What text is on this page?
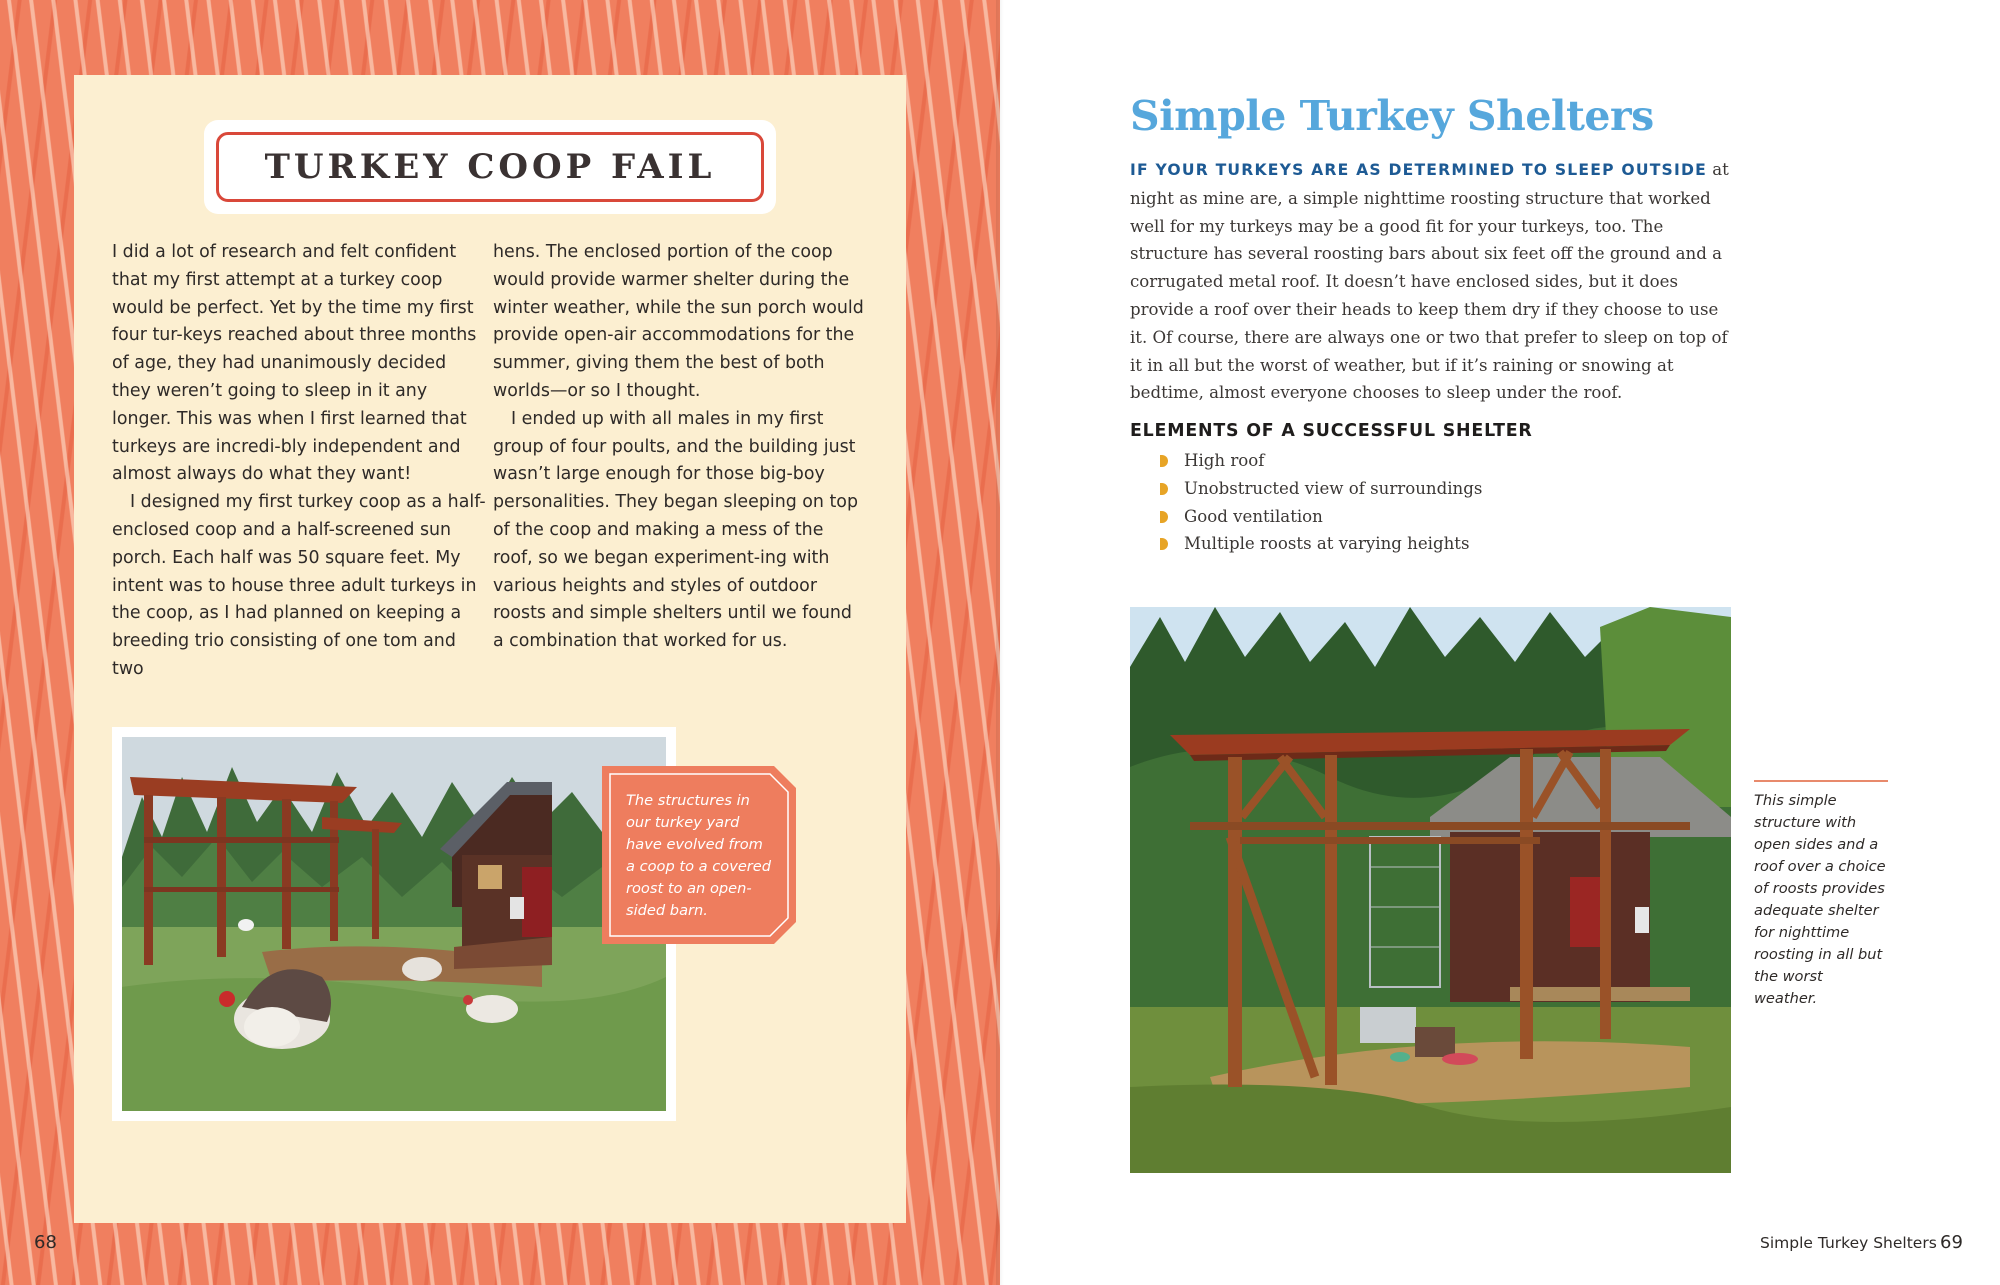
TURKEY COOP FAIL

I did a lot of research and felt confident that my first attempt at a turkey coop would be perfect. Yet by the time my first four tur-keys reached about three months of age, they had unanimously decided they weren’t going to sleep in it any longer. This was when I first learned that turkeys are incredi-bly independent and almost always do what they want!

I designed my first turkey coop as a half-enclosed coop and a half-screened sun porch. Each half was 50 square feet. My intent was to house three adult turkeys in the coop, as I had planned on keeping a breeding trio consisting of one tom and two

hens. The enclosed portion of the coop would provide warmer shelter during the winter weather, while the sun porch would provide open-air accommodations for the summer, giving them the best of both worlds—or so I thought.

I ended up with all males in my first group of four poults, and the building just wasn’t large enough for those big-boy personalities. They began sleeping on top of the coop and making a mess of the roof, so we began experiment-ing with various heights and styles of outdoor roosts and simple shelters until we found a combination that worked for us.

The structures in our turkey yard have evolved from a coop to a covered roost to an open-sided barn.
68
Simple Turkey Shelters

IF YOUR TURKEYS ARE AS DETERMINED TO SLEEP OUTSIDE at night as mine are, a simple nighttime roosting structure that worked well for my turkeys may be a good fit for your turkeys, too. The structure has several roosting bars about six feet off the ground and a corrugated metal roof. It doesn’t have enclosed sides, but it does provide a roof over their heads to keep them dry if they choose to use it. Of course, there are always one or two that prefer to sleep on top of it in all but the worst of weather, but if it’s raining or snowing at bedtime, almost everyone chooses to sleep under the roof.

ELEMENTS OF A SUCCESSFUL SHELTER
High roof
Unobstructed view of surroundings
Good ventilation
Multiple roosts at varying heights
This simple structure with open sides and a roof over a choice of roosts provides adequate shelter for nighttime roosting in all but the worst weather.
Simple Turkey Shelters 69
